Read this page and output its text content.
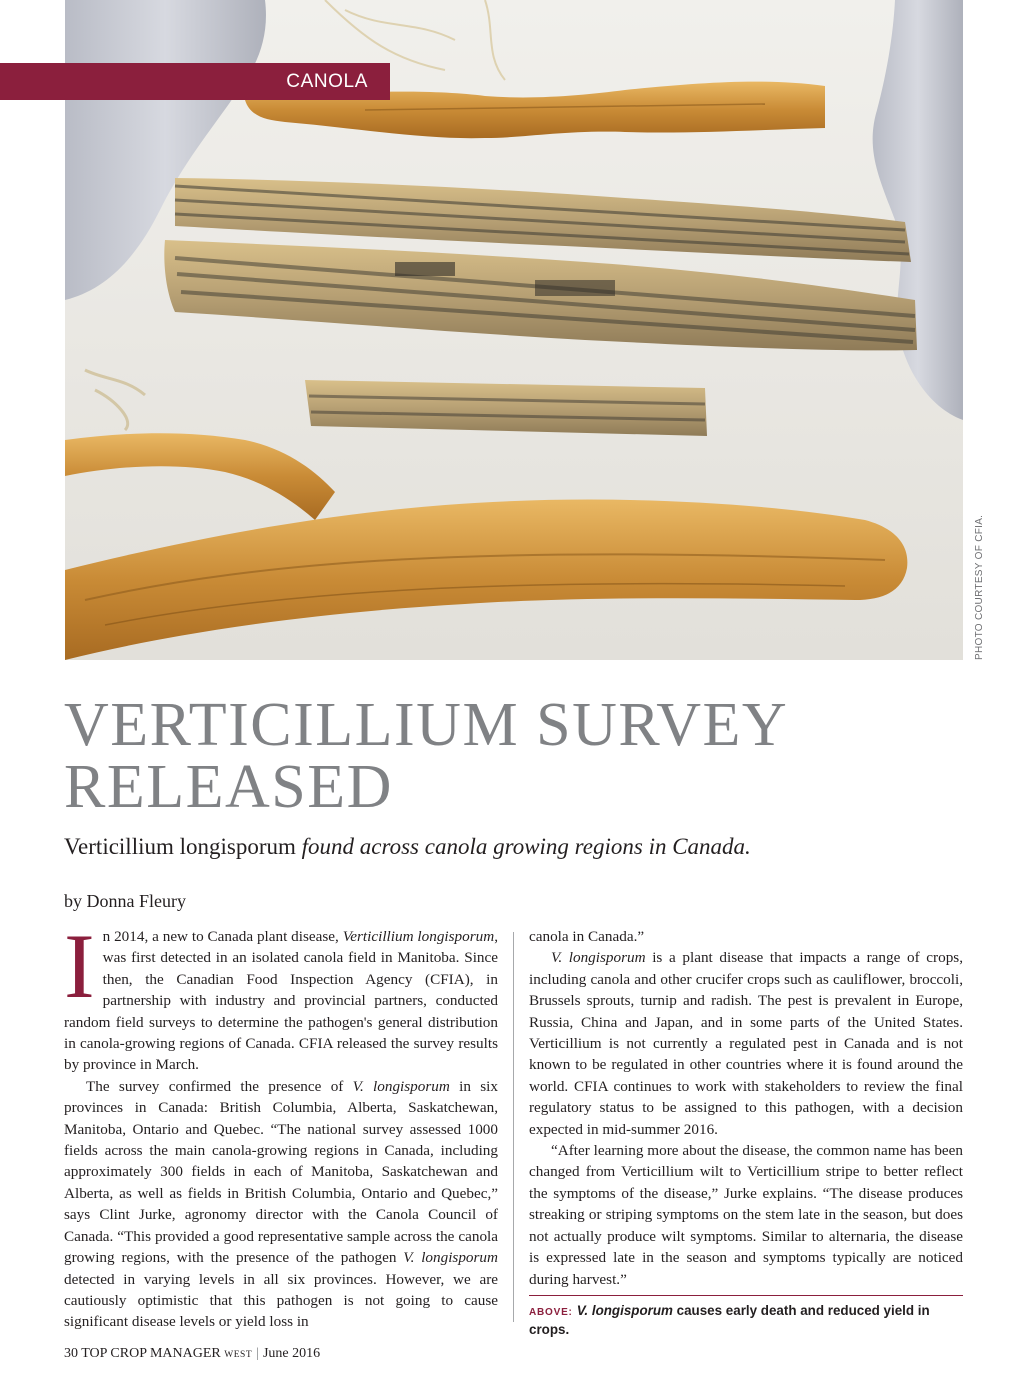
PHOTO COURTESY OF CFIA.
CANOLA
VERTICILLIUM SURVEY
RELEASED

Verticillium longisporum found across canola growing regions in Canada.

by Donna Fleury

In 2014, a new to Canada plant disease, Verticillium longisporum, was first detected in an isolated canola field in Manitoba. Since then, the Canadian Food Inspection Agency (CFIA), in partnership with industry and provincial partners, conducted random field surveys to determine the pathogen's general distribution in canola-growing regions of Canada. CFIA released the survey results by province in March.

The survey confirmed the presence of V. longisporum in six provinces in Canada: British Columbia, Alberta, Saskatchewan, Manitoba, Ontario and Quebec. “The national survey assessed 1000 fields across the main canola-growing regions in Canada, including approximately 300 fields in each of Manitoba, Saskatchewan and Alberta, as well as fields in British Columbia, Ontario and Quebec,” says Clint Jurke, agronomy director with the Canola Council of Canada. “This provided a good representative sample across the canola growing regions, with the presence of the pathogen V. longisporum detected in varying levels in all six provinces. However, we are cautiously optimistic that this pathogen is not going to cause significant disease levels or yield loss in

canola in Canada.”

V. longisporum is a plant disease that impacts a range of crops, including canola and other crucifer crops such as cauliflower, broccoli, Brussels sprouts, turnip and radish. The pest is prevalent in Europe, Russia, China and Japan, and in some parts of the United States. Verticillium is not currently a regulated pest in Canada and is not known to be regulated in other countries where it is found around the world. CFIA continues to work with stakeholders to review the final regulatory status to be assigned to this pathogen, with a decision expected in mid-summer 2016.

“After learning more about the disease, the common name has been changed from Verticillium wilt to Verticillium stripe to better reflect the symptoms of the disease,” Jurke explains. “The disease produces streaking or striping symptoms on the stem late in the season, but does not actually produce wilt symptoms. Similar to alternaria, the disease is expressed late in the season and symptoms typically are noticed during harvest.”

ABOVE: V. longisporum causes early death and reduced yield in crops.
30 TOP CROP MANAGER WEST | June 2016
